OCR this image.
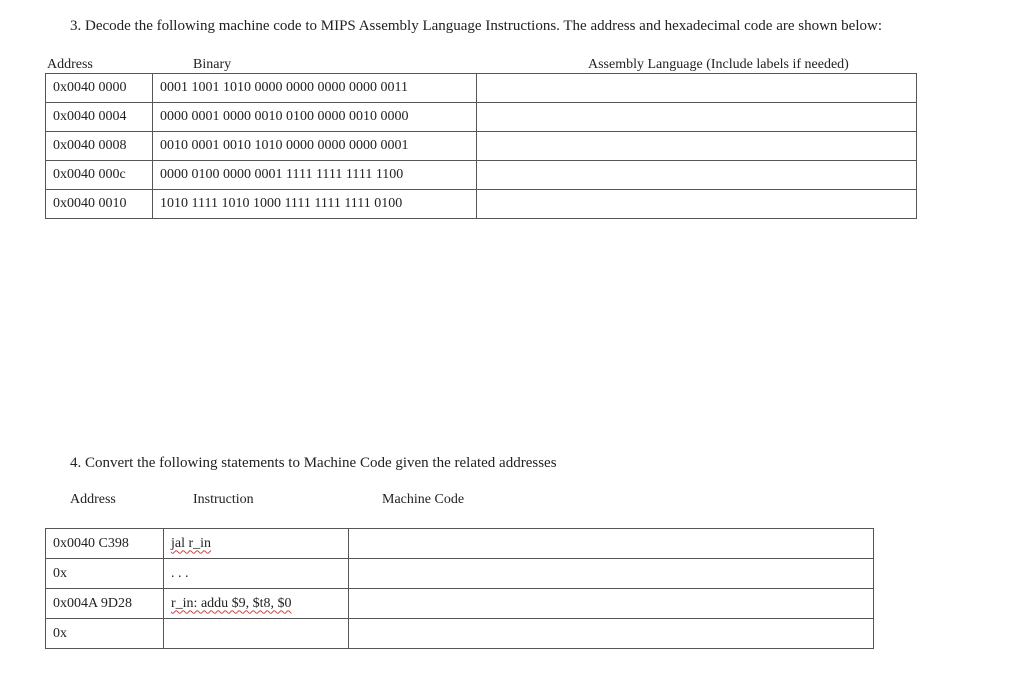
3. Decode the following machine code to MIPS Assembly Language Instructions. The address and hexadecimal code are shown below:
Address	Binary	Assembly Language (Include labels if needed)
0x0040 0000	0001 1001 1010 0000 0000 0000 0000 0011	
0x0040 0004	0000 0001 0000 0010 0100 0000 0010 0000	
0x0040 0008	0010 0001 0010 1010 0000 0000 0000 0001	
0x0040 000c	0000 0100 0000 0001 1111 1111 1111 1100	
0x0040 0010	1010 1111 1010 1000 1111 1111 1111 0100	
4. Convert the following statements to Machine Code given the related addresses
Address	Instruction	Machine Code
0x0040 C398	jal r_in	
0x	. . .	
0x004A 9D28	r_in: addu $9, $t8, $0	
0x		
